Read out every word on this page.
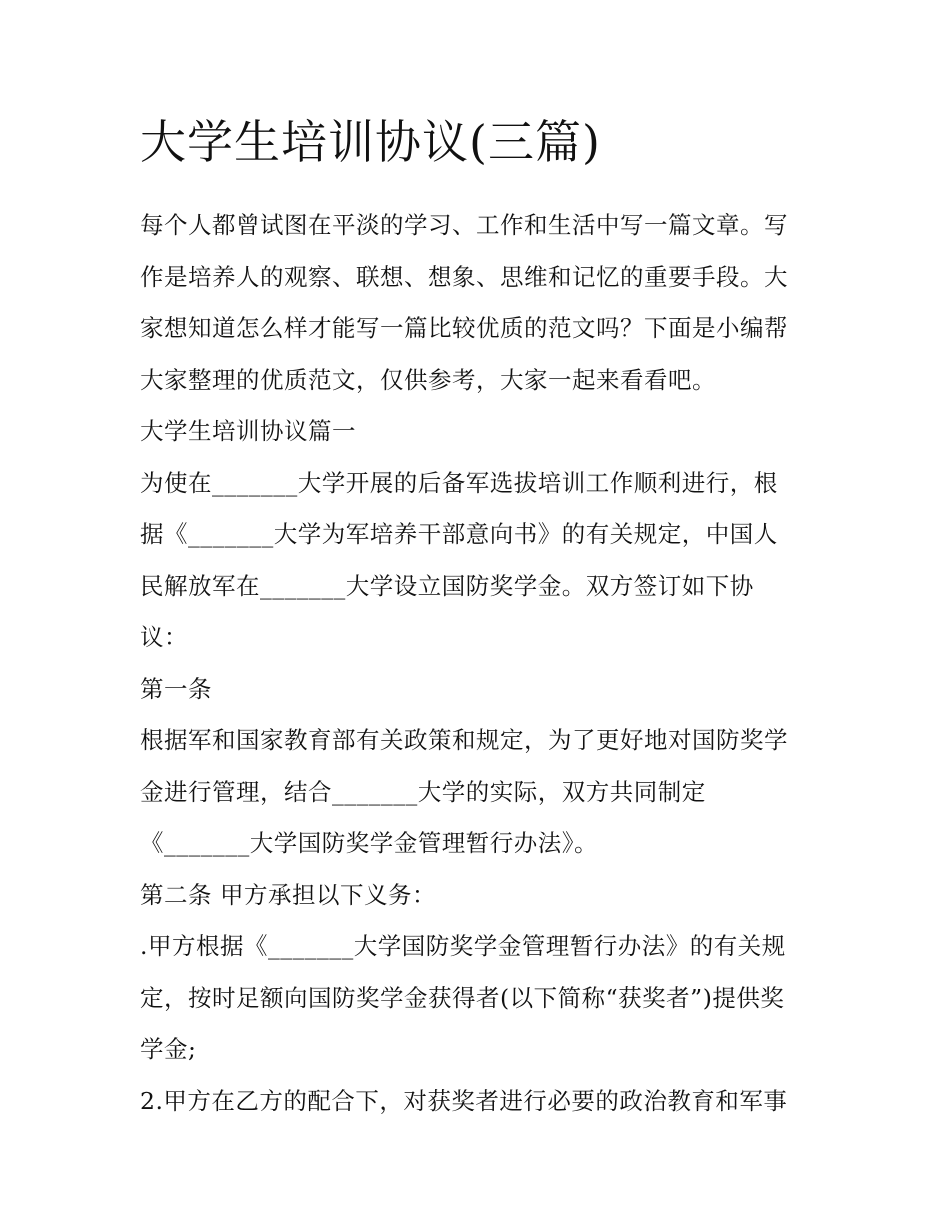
大学生培训协议(三篇)
每个人都曾试图在平淡的学习、工作和生活中写一篇文章。写
作是培养人的观察、联想、想象、思维和记忆的重要手段。大
家想知道怎么样才能写一篇比较优质的范文吗？下面是小编帮
大家整理的优质范文，仅供参考，大家一起来看看吧。
大学生培训协议篇一
为使在_______大学开展的后备军选拔培训工作顺利进行，根
据《_______大学为军培养干部意向书》的有关规定，中国人
民解放军在_______大学设立国防奖学金。双方签订如下协
议：
第一条
根据军和国家教育部有关政策和规定，为了更好地对国防奖学
金进行管理，结合_______大学的实际，双方共同制定
《_______大学国防奖学金管理暂行办法》。
第二条 甲方承担以下义务：
.甲方根据《_______大学国防奖学金管理暂行办法》的有关规
定，按时足额向国防奖学金获得者(以下简称“获奖者”)提供奖
学金;
2.甲方在乙方的配合下，对获奖者进行必要的政治教育和军事
